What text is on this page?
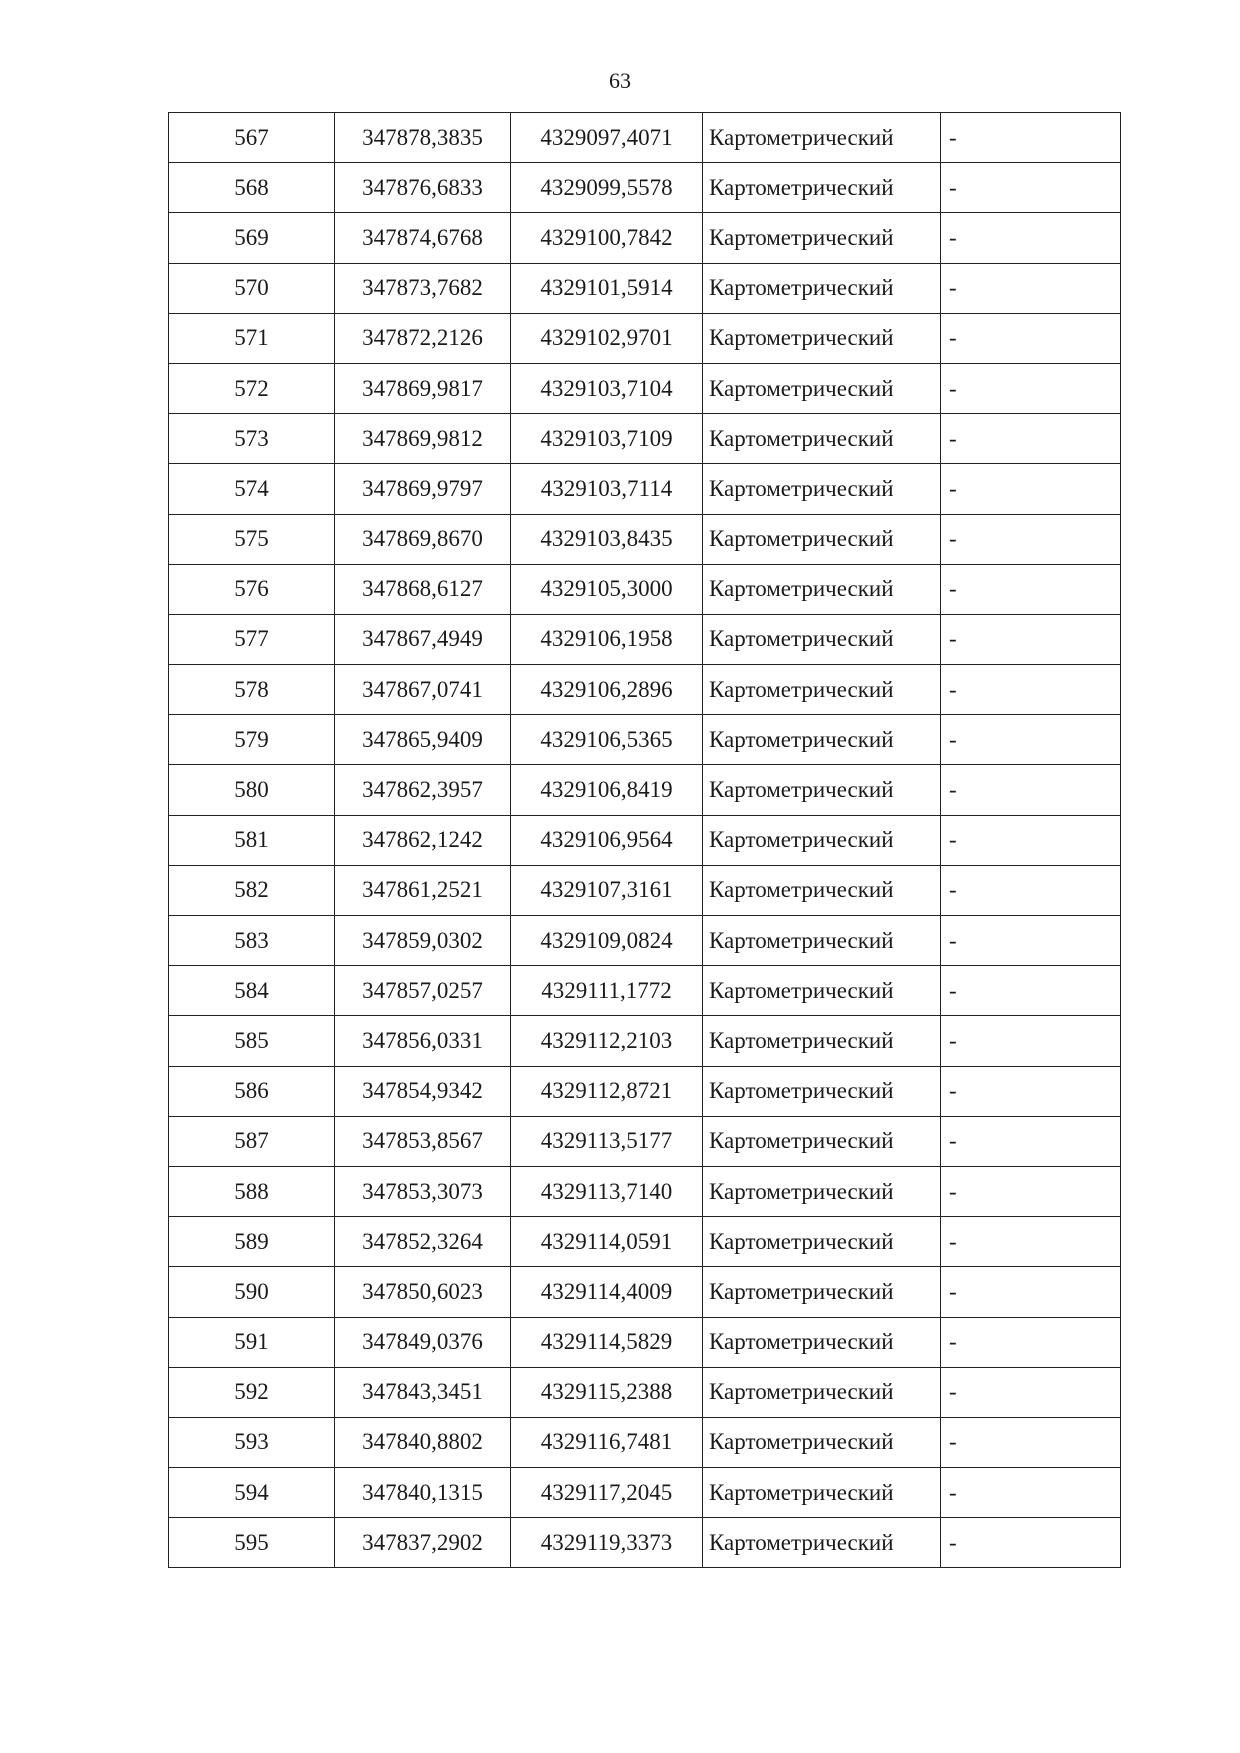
63
567	347878,3835	4329097,4071	Картометрический	-
568	347876,6833	4329099,5578	Картометрический	-
569	347874,6768	4329100,7842	Картометрический	-
570	347873,7682	4329101,5914	Картометрический	-
571	347872,2126	4329102,9701	Картометрический	-
572	347869,9817	4329103,7104	Картометрический	-
573	347869,9812	4329103,7109	Картометрический	-
574	347869,9797	4329103,7114	Картометрический	-
575	347869,8670	4329103,8435	Картометрический	-
576	347868,6127	4329105,3000	Картометрический	-
577	347867,4949	4329106,1958	Картометрический	-
578	347867,0741	4329106,2896	Картометрический	-
579	347865,9409	4329106,5365	Картометрический	-
580	347862,3957	4329106,8419	Картометрический	-
581	347862,1242	4329106,9564	Картометрический	-
582	347861,2521	4329107,3161	Картометрический	-
583	347859,0302	4329109,0824	Картометрический	-
584	347857,0257	4329111,1772	Картометрический	-
585	347856,0331	4329112,2103	Картометрический	-
586	347854,9342	4329112,8721	Картометрический	-
587	347853,8567	4329113,5177	Картометрический	-
588	347853,3073	4329113,7140	Картометрический	-
589	347852,3264	4329114,0591	Картометрический	-
590	347850,6023	4329114,4009	Картометрический	-
591	347849,0376	4329114,5829	Картометрический	-
592	347843,3451	4329115,2388	Картометрический	-
593	347840,8802	4329116,7481	Картометрический	-
594	347840,1315	4329117,2045	Картометрический	-
595	347837,2902	4329119,3373	Картометрический	-
